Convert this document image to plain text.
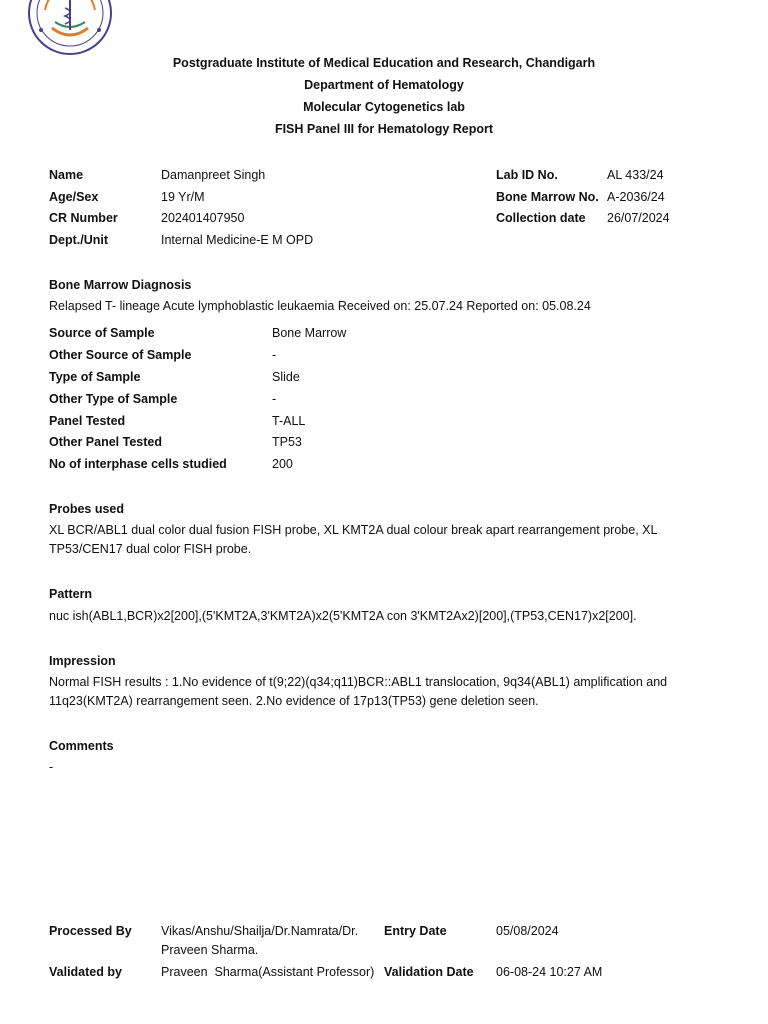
Postgraduate Institute of Medical Education and Research, Chandigarh
Department of Hematology
Molecular Cytogenetics lab
FISH Panel III for Hematology Report
Name	Damanpreet Singh
Age/Sex	19 Yr/M
CR Number	202401407950
Dept./Unit	Internal Medicine-E M OPD
Lab ID No.	AL 433/24
Bone Marrow No. A-2036/24
Collection date 26/07/2024
Bone Marrow Diagnosis
Relapsed T- lineage Acute lymphoblastic leukaemia Received on: 25.07.24 Reported on: 05.08.24
Source of Sample	Bone Marrow
Other Source of Sample	-
Type of Sample	Slide
Other Type of Sample	-
Panel Tested	T-ALL
Other Panel Tested	TP53
No of interphase cells studied	200
Probes used
XL BCR/ABL1 dual color dual fusion FISH probe, XL KMT2A dual colour break apart rearrangement probe, XL TP53/CEN17 dual color FISH probe.
Pattern
nuc ish(ABL1,BCR)x2[200],(5'KMT2A,3'KMT2A)x2(5'KMT2A con 3'KMT2Ax2)[200],(TP53,CEN17)x2[200].
Impression
Normal FISH results : 1.No evidence of t(9;22)(q34;q11)BCR::ABL1 translocation, 9q34(ABL1) amplification and 11q23(KMT2A) rearrangement seen. 2.No evidence of 17p13(TP53) gene deletion seen.
Comments
-
Processed By Vikas/Anshu/Shailja/Dr.Namrata/Dr.
Praveen Sharma.
Entry Date	05/08/2024
Validated by	Praveen  Sharma(Assistant Professor) Validation Date 06-08-24 10:27 AM
